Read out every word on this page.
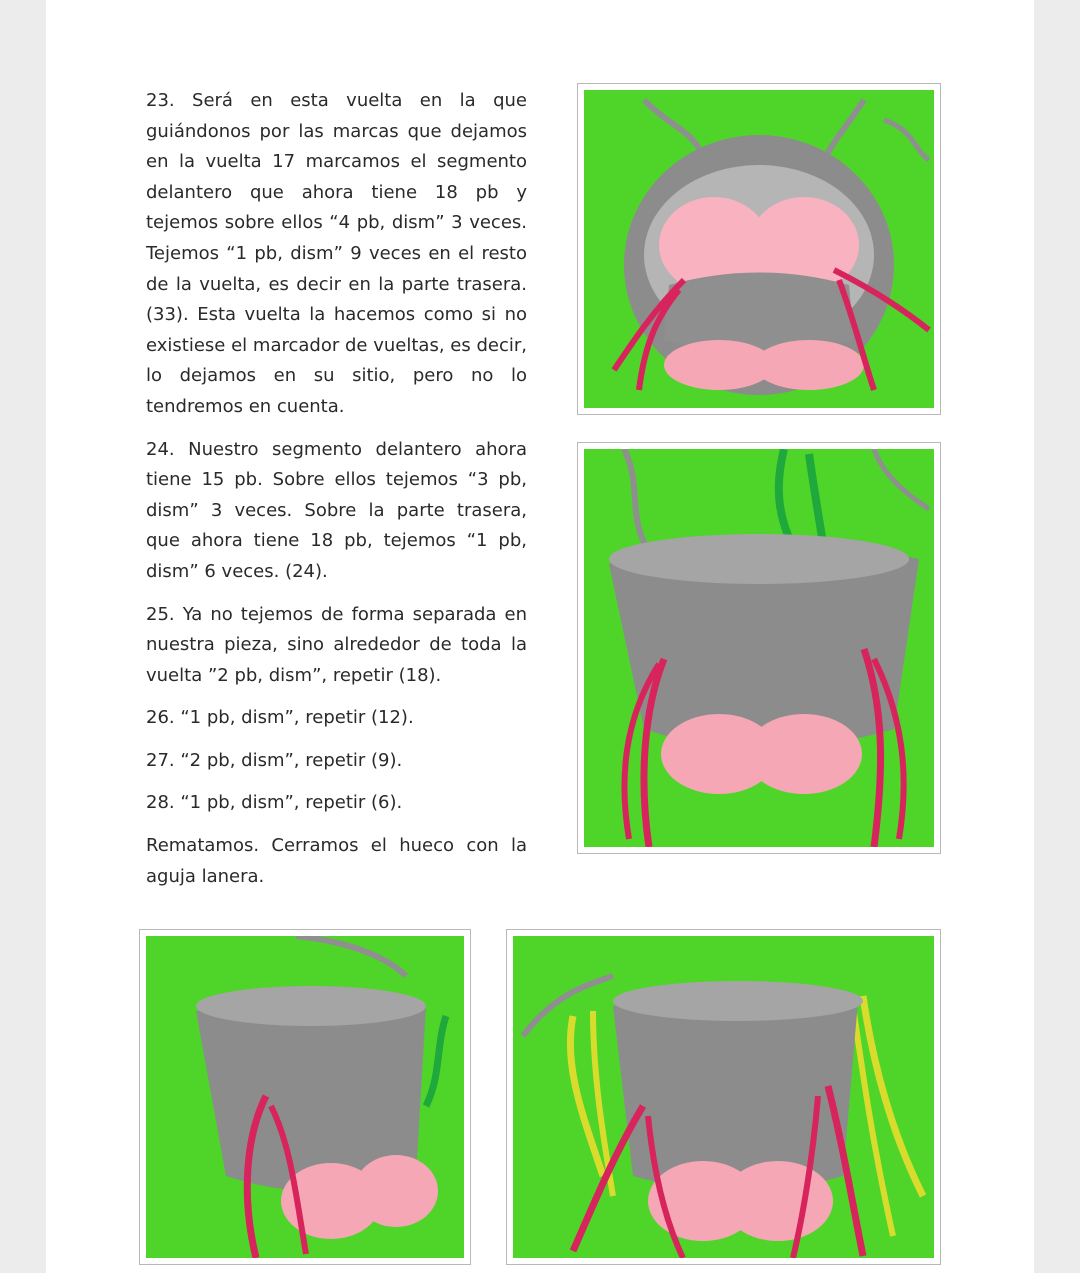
23. Será en esta vuelta en la que guiándonos por las marcas que dejamos en la vuelta 17 marcamos el segmento delantero que ahora tiene 18 pb y tejemos sobre ellos “4 pb, dism” 3 veces. Tejemos “1 pb, dism” 9 veces en el resto de la vuelta, es decir en la parte trasera. (33). Esta vuelta la hacemos como si no existiese el marcador de vueltas, es decir, lo dejamos en su sitio, pero no lo tendremos en cuenta.

24. Nuestro segmento delantero ahora tiene 15 pb. Sobre ellos tejemos “3 pb, dism” 3 veces. Sobre la parte trasera, que ahora tiene 18 pb, tejemos “1 pb, dism” 6 veces. (24).

25. Ya no tejemos de forma separada en nuestra pieza, sino alrededor de toda la vuelta ”2 pb, dism”, repetir (18).

26. “1 pb, dism”, repetir (12).

27. “2 pb, dism”, repetir (9).

28. “1 pb, dism”, repetir (6).

Rematamos. Cerramos el hueco con la aguja lanera.
